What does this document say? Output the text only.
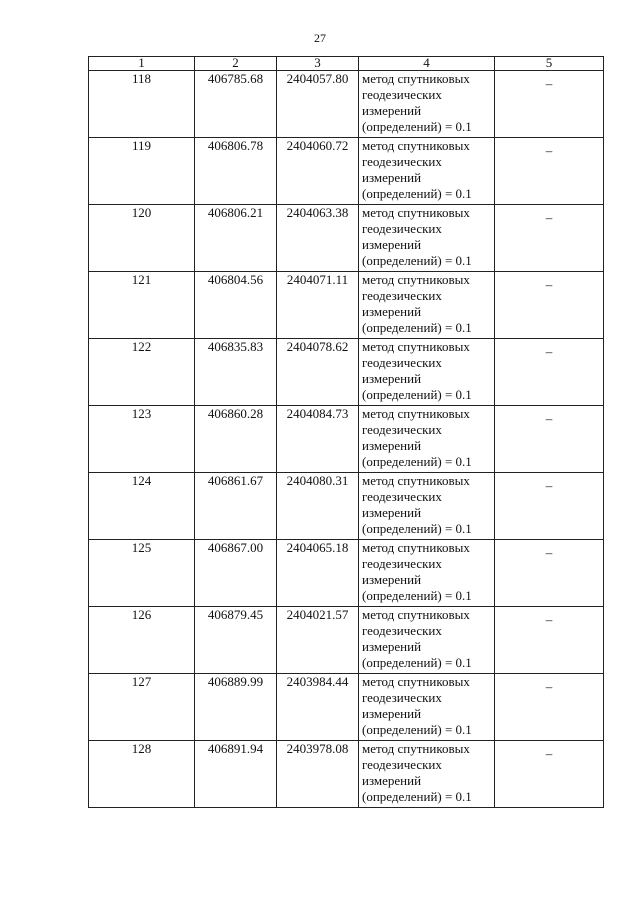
27
1	2	3	4	5
118	406785.68	2404057.80	метод спутниковых
геодезических
измерений
(определений) = 0.1	–
119	406806.78	2404060.72	метод спутниковых
геодезических
измерений
(определений) = 0.1	–
120	406806.21	2404063.38	метод спутниковых
геодезических
измерений
(определений) = 0.1	–
121	406804.56	2404071.11	метод спутниковых
геодезических
измерений
(определений) = 0.1	–
122	406835.83	2404078.62	метод спутниковых
геодезических
измерений
(определений) = 0.1	–
123	406860.28	2404084.73	метод спутниковых
геодезических
измерений
(определений) = 0.1	–
124	406861.67	2404080.31	метод спутниковых
геодезических
измерений
(определений) = 0.1	–
125	406867.00	2404065.18	метод спутниковых
геодезических
измерений
(определений) = 0.1	–
126	406879.45	2404021.57	метод спутниковых
геодезических
измерений
(определений) = 0.1	–
127	406889.99	2403984.44	метод спутниковых
геодезических
измерений
(определений) = 0.1	–
128	406891.94	2403978.08	метод спутниковых
геодезических
измерений
(определений) = 0.1	–
